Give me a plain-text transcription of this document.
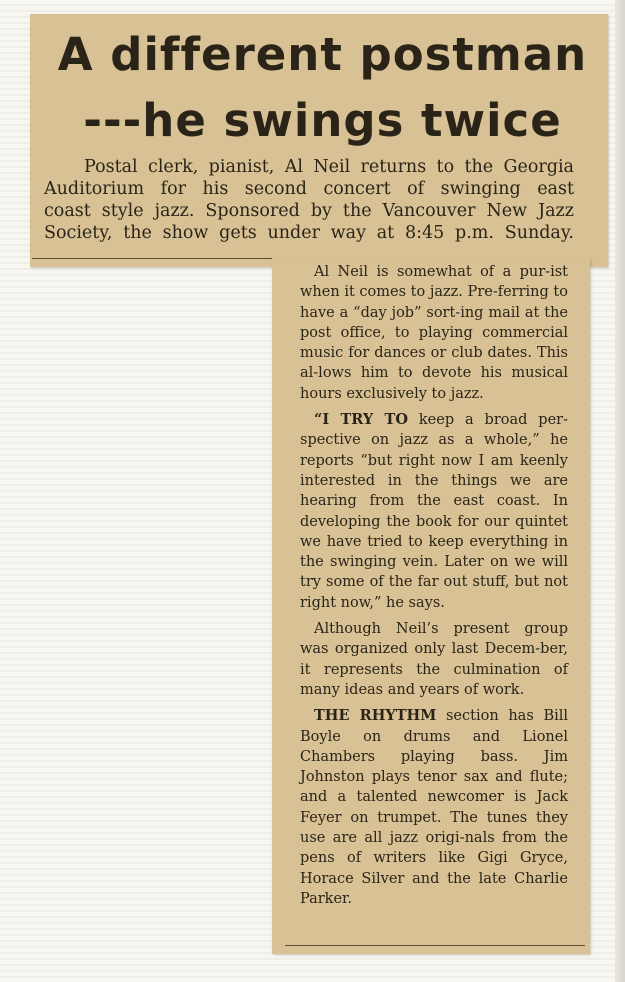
A different postman
---he swings twice
Postal clerk, pianist, Al Neil returns to the Georgia
Auditorium for his second concert of swinging east
coast style jazz. Sponsored by the Vancouver New Jazz
Society, the show gets under way at 8:45 p.m. Sunday.

Al Neil is somewhat of a pur-ist when it comes to jazz. Pre-ferring to have a “day job” sort-ing mail at the post office, to playing commercial music for dances or club dates. This al-lows him to devote his musical hours exclusively to jazz.

“I TRY TO keep a broad per-spective on jazz as a whole,” he reports “but right now I am keenly interested in the things we are hearing from the east coast. In developing the book for our quintet we have tried to keep everything in the swinging vein. Later on we will try some of the far out stuff, but not right now,” he says.

Although Neil’s present group was organized only last Decem-ber, it represents the culmination of many ideas and years of work.

THE RHYTHM section has Bill Boyle on drums and Lionel Chambers playing bass. Jim Johnston plays tenor sax and flute; and a talented newcomer is Jack Feyer on trumpet. The tunes they use are all jazz origi-nals from the pens of writers like Gigi Gryce, Horace Silver and the late Charlie Parker.
